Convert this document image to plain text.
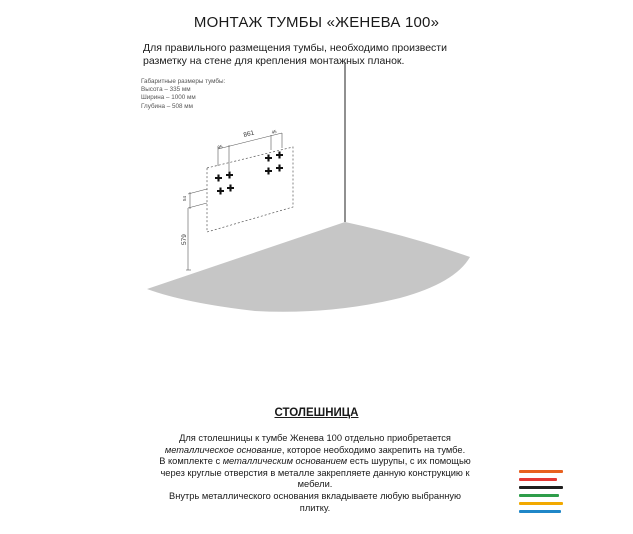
МОНТАЖ ТУМБЫ «ЖЕНЕВА 100»
Для правильного размещения тумбы, необходимо произвести разметку на стене для крепления монтажных планок.
Габаритные размеры тумбы:
Высота – 335 мм
Ширина – 1000 мм
Глубина – 508 мм
861
95
45
54
579
СТОЛЕШНИЦА
Для столешницы к тумбе Женева 100 отдельно приобретается
металлическое основание, которое необходимо закрепить на тумбе.
В комплекте с металлическим основанием есть шурупы, с их помощью
через круглые отверстия в металле закрепляете данную конструкцию к
мебели.
Внутрь металлического основания вкладываете любую выбранную
плитку.
